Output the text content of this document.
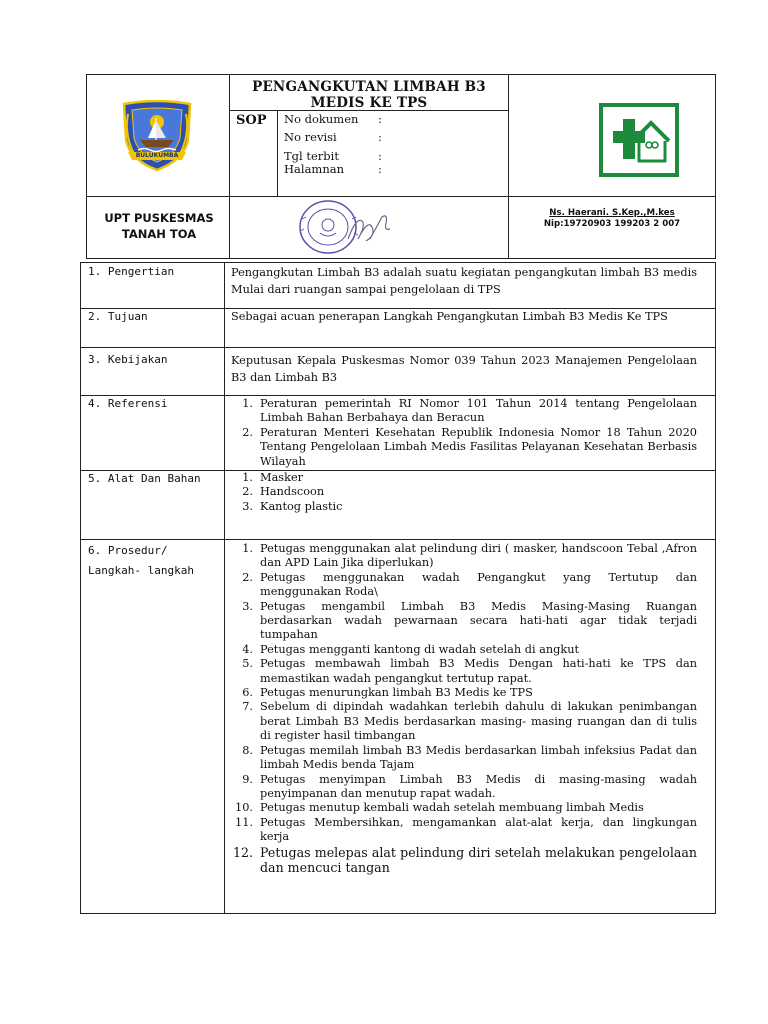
BULUKUMBA
PENGANGKUTAN LIMBAH B3 MEDIS KE TPS
SOP No dokumen :
No revisi	:
Tgl terbit	:
Halamnan	:
UPT PUSKESMAS TANAH TOA
Ns. Haerani. S.Kep.,M.kes
Nip:19720903 199203 2 007
1. Pengertian	Pengangkutan Limbah B3 adalah suatu kegiatan pengangkutan limbah B3 medis Mulai dari ruangan sampai pengelolaan di TPS
2. Tujuan	Sebagai acuan penerapan Langkah Pengangkutan Limbah B3 Medis Ke TPS
3. Kebijakan	Keputusan Kepala Puskesmas Nomor 039 Tahun 2023 Manajemen Pengelolaan B3 dan Limbah B3
4. Referensi	1. Peraturan pemerintah RI Nomor 101 Tahun 2014 tentang Pengelolaan Limbah Bahan Berbahaya dan Beracun
2. Peraturan Menteri Kesehatan Republik Indonesia Nomor 18 Tahun 2020 Tentang Pengelolaan Limbah Medis Fasilitas Pelayanan Kesehatan Berbasis Wilayah
5. Alat Dan Bahan	1. Masker
2. Handscoon
3. Kantog plastic
6. Prosedur/
Langkah- langkah
1. Petugas menggunakan alat pelindung diri ( masker, handscoon Tebal ,Afron dan APD Lain Jika diperlukan)
2. Petugas menggunakan wadah Pengangkut yang Tertutup dan menggunakan Roda\
3. Petugas mengambil Limbah B3 Medis Masing-Masing Ruangan berdasarkan wadah pewarnaan secara hati-hati agar tidak terjadi tumpahan
4. Petugas mengganti kantong di wadah setelah di angkut
5. Petugas membawah limbah B3 Medis Dengan hati-hati ke TPS dan memastikan wadah pengangkut tertutup rapat.
6. Petugas menurungkan limbah B3 Medis ke TPS
7. Sebelum di dipindah wadahkan terlebih dahulu di lakukan penimbangan berat Limbah B3 Medis berdasarkan masing- masing ruangan dan di tulis di register hasil timbangan
8. Petugas memilah limbah B3 Medis berdasarkan limbah infeksius Padat dan limbah Medis benda Tajam
9. Petugas menyimpan Limbah B3 Medis di masing-masing wadah penyimpanan dan menutup rapat wadah.
10. Petugas menutup kembali wadah setelah membuang limbah Medis
11. Petugas Membersihkan, mengamankan alat-alat kerja, dan lingkungan kerja
12. Petugas melepas alat pelindung diri setelah melakukan pengelolaan dan mencuci tangan
